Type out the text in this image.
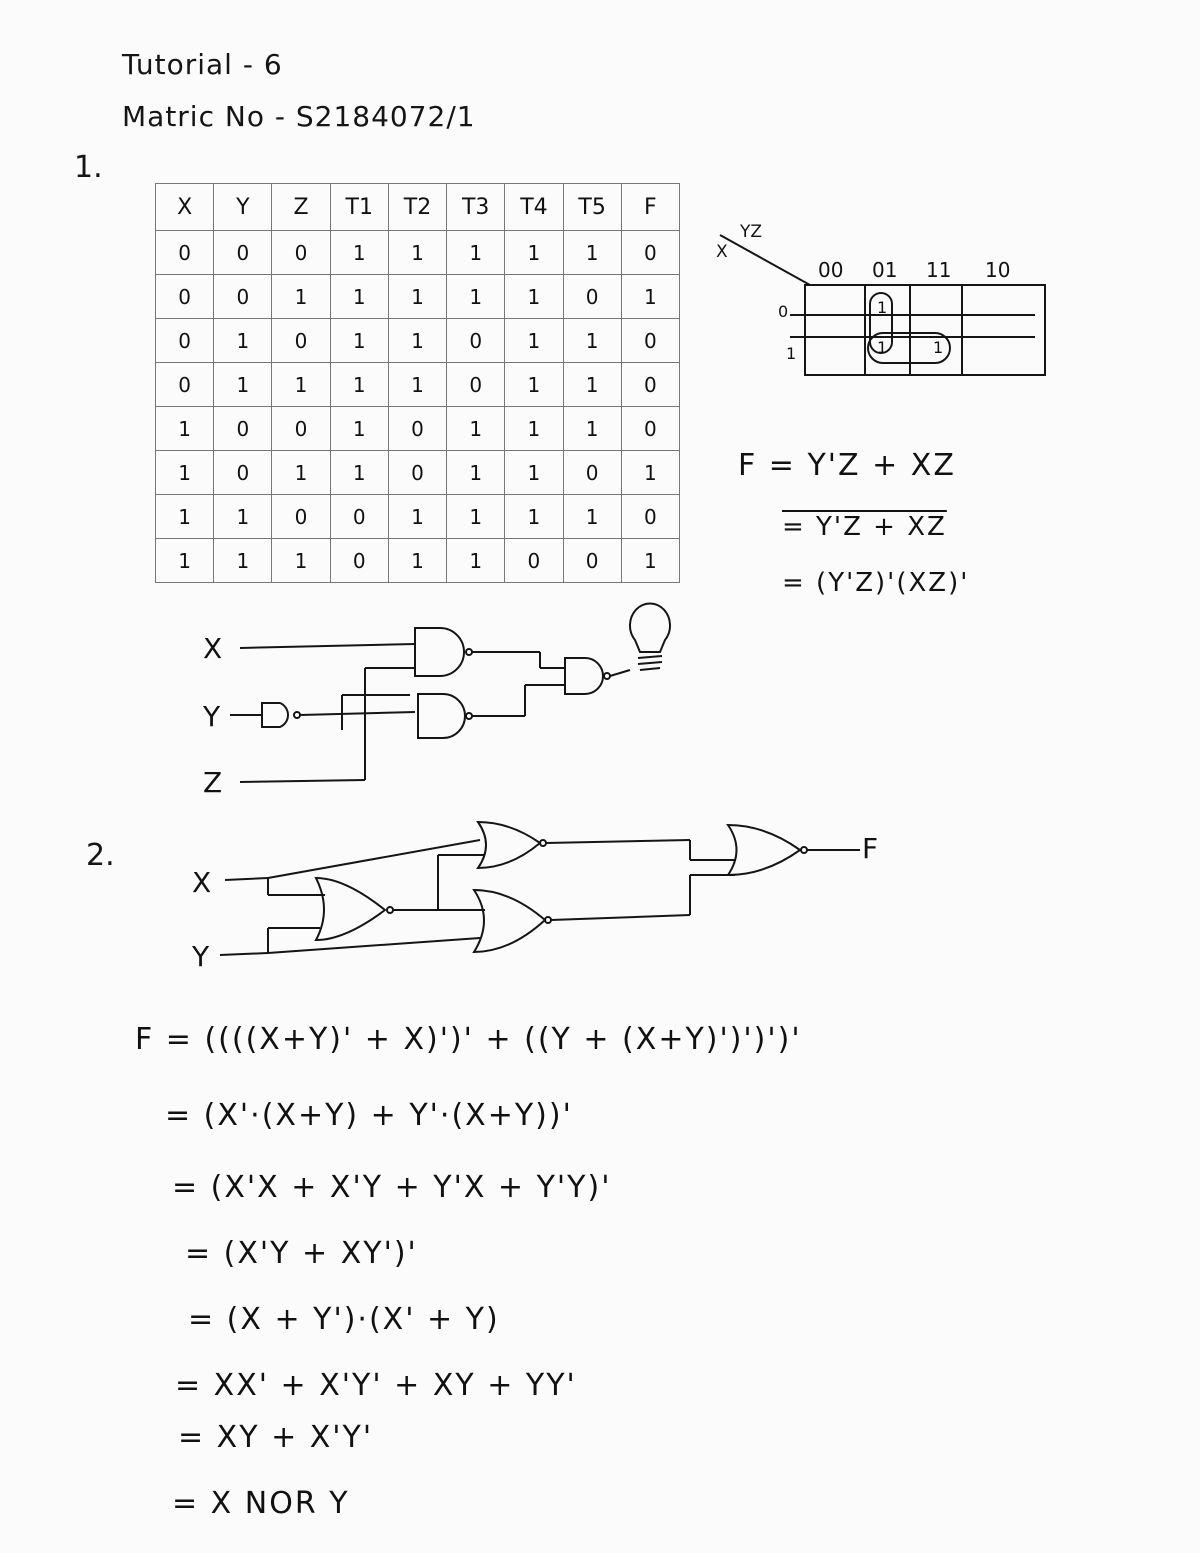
Tutorial - 6
Matric No - S2184072/1
1.
X	Y	Z	T1	T2	T3	T4	T5	F
0	0	0	1	1	1	1	1	0
0	0	1	1	1	1	1	0	1
0	1	0	1	1	0	1	1	0
0	1	1	1	1	0	1	1	0
1	0	0	1	0	1	1	1	0
1	0	1	1	0	1	1	0	1
1	1	0	0	1	1	1	1	0
1	1	1	0	1	1	0	0	1
X
YZ
00 01 11 10
0
1
1
1	1
F = Y'Z + XZ
= Y'Z + XZ
= (Y'Z)'(XZ)'
X
Y
Z
2.
X
Y
F
F = ((((X+Y)' + X)')' + ((Y + (X+Y)')')')'
= (X'·(X+Y) + Y'·(X+Y))'
= (X'X + X'Y + Y'X + Y'Y)'
= (X'Y + XY')'
= (X + Y')·(X' + Y)
= XX' + X'Y' + XY + YY'
= XY + X'Y'
= X NOR Y
